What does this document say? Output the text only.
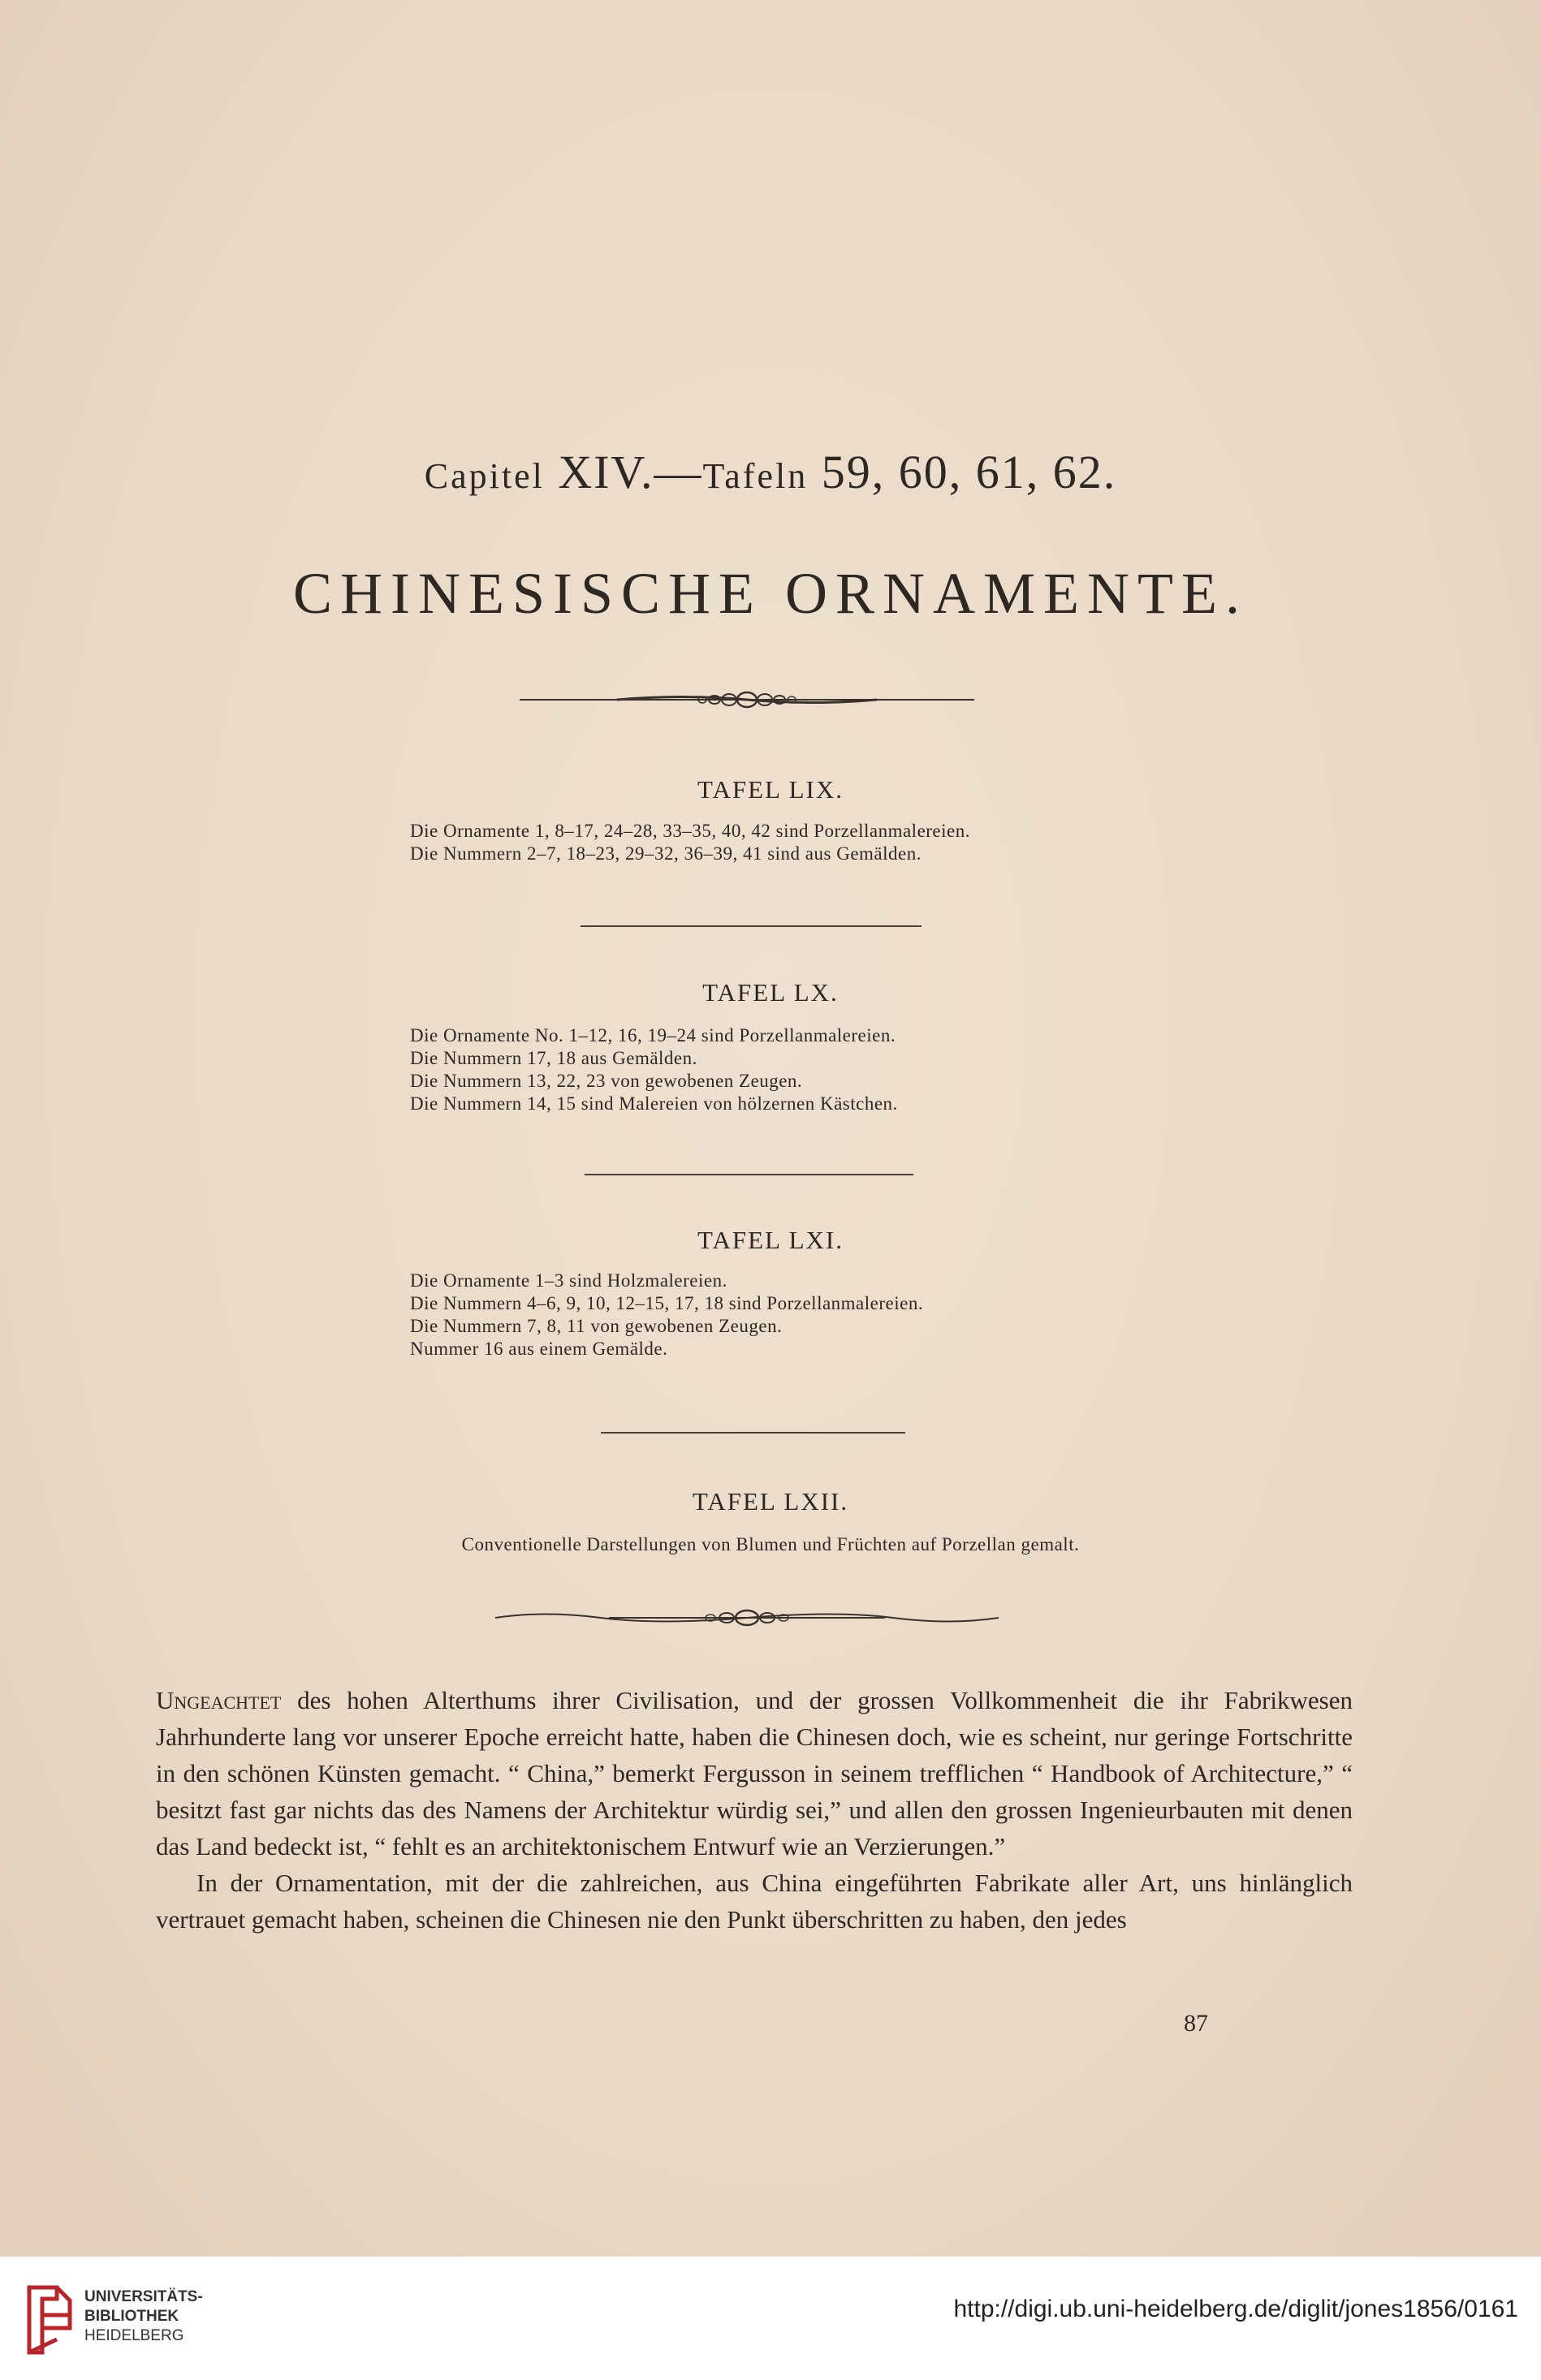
Capitel XIV.—Tafeln 59, 60, 61, 62.
CHINESISCHE ORNAMENTE.
TAFEL LIX.
Die Ornamente 1, 8–17, 24–28, 33–35, 40, 42 sind Porzellanmalereien.
Die Nummern 2–7, 18–23, 29–32, 36–39, 41 sind aus Gemälden.
TAFEL LX.
Die Ornamente No. 1–12, 16, 19–24 sind Porzellanmalereien.
Die Nummern 17, 18 aus Gemälden.
Die Nummern 13, 22, 23 von gewobenen Zeugen.
Die Nummern 14, 15 sind Malereien von hölzernen Kästchen.
TAFEL LXI.
Die Ornamente 1–3 sind Holzmalereien.
Die Nummern 4–6, 9, 10, 12–15, 17, 18 sind Porzellanmalereien.
Die Nummern 7, 8, 11 von gewobenen Zeugen.
Nummer 16 aus einem Gemälde.
TAFEL LXII.
Conventionelle Darstellungen von Blumen und Früchten auf Porzellan gemalt.

Ungeachtet des hohen Alterthums ihrer Civilisation, und der grossen Vollkommenheit die ihr Fabrikwesen Jahrhunderte lang vor unserer Epoche erreicht hatte, haben die Chinesen doch, wie es scheint, nur geringe Fortschritte in den schönen Künsten gemacht. “ China,” bemerkt Fergusson in seinem trefflichen “ Handbook of Architecture,” “ besitzt fast gar nichts das des Namens der Architektur würdig sei,” und allen den grossen Ingenieurbauten mit denen das Land bedeckt ist, “ fehlt es an architektonischem Entwurf wie an Verzierungen.”

In der Ornamentation, mit der die zahlreichen, aus China eingeführten Fabrikate aller Art, uns hinlänglich vertrauet gemacht haben, scheinen die Chinesen nie den Punkt überschritten zu haben, den jedes

87
UNIVERSITÄTS-
BIBLIOTHEK
HEIDELBERG
http://digi.ub.uni-heidelberg.de/diglit/jones1856/0161
